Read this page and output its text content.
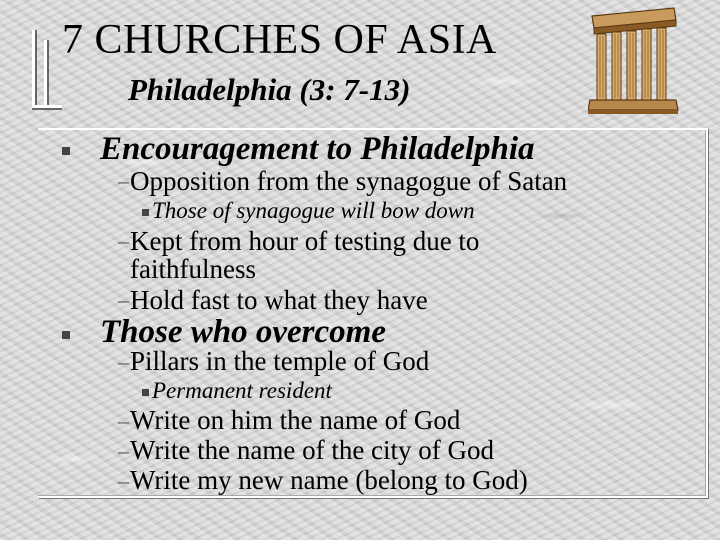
7 CHURCHES OF ASIA
Philadelphia (3: 7-13)
Encouragement to Philadelphia
– Opposition from the synagogue of Satan
Those of synagogue will bow down
– Kept from hour of testing due to
faithfulness
– Hold fast to what they have
Those who overcome
– Pillars in the temple of God
Permanent resident
– Write on him the name of God
– Write the name of the city of God
– Write my new name (belong to God)
